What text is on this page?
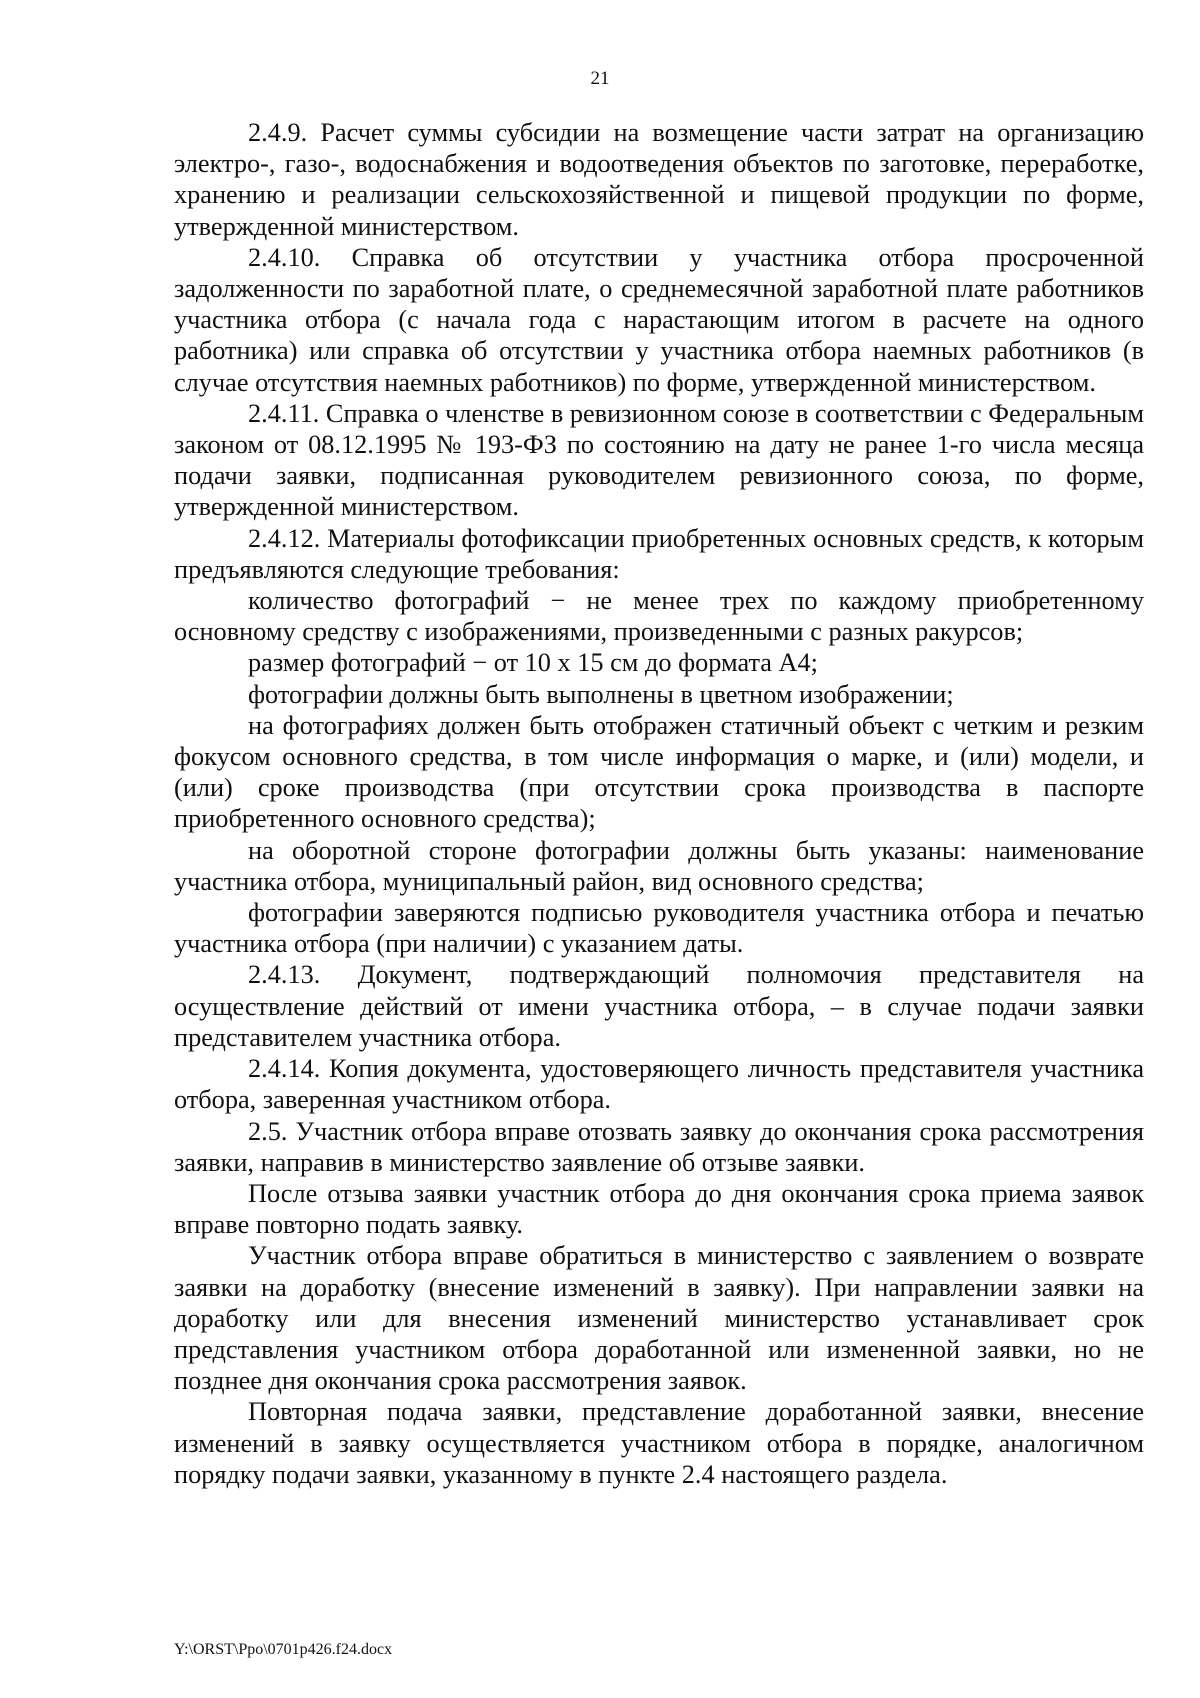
21

2.4.9. Расчет суммы субсидии на возмещение части затрат на организацию электро-, газо-, водоснабжения и водоотведения объектов по заготовке, переработке, хранению и реализации сельскохозяйственной и пищевой продукции по форме, утвержденной министерством.

2.4.10. Справка об отсутствии у участника отбора просроченной задолженности по заработной плате, о среднемесячной заработной плате работников участника отбора (с начала года с нарастающим итогом в расчете на одного работника) или справка об отсутствии у участника отбора наемных работников (в случае отсутствия наемных работников) по форме, утвержденной министерством.

2.4.11. Справка о членстве в ревизионном союзе в соответствии с Федеральным законом от 08.12.1995 № 193-ФЗ по состоянию на дату не ранее 1-го числа месяца подачи заявки, подписанная руководителем ревизионного союза, по форме, утвержденной министерством.

2.4.12. Материалы фотофиксации приобретенных основных средств, к которым предъявляются следующие требования:

количество фотографий − не менее трех по каждому приобретенному основному средству с изображениями, произведенными с разных ракурсов;

размер фотографий − от 10 х 15 см до формата А4;

фотографии должны быть выполнены в цветном изображении;

на фотографиях должен быть отображен статичный объект с четким и резким фокусом основного средства, в том числе информация о марке, и (или) модели, и (или) сроке производства (при отсутствии срока производства в паспорте приобретенного основного средства);

на оборотной стороне фотографии должны быть указаны: наименование участника отбора, муниципальный район, вид основного средства;

фотографии заверяются подписью руководителя участника отбора и печатью участника отбора (при наличии) с указанием даты.

2.4.13. Документ, подтверждающий полномочия представителя на осуществление действий от имени участника отбора, – в случае подачи заявки представителем участника отбора.

2.4.14. Копия документа, удостоверяющего личность представителя участника отбора, заверенная участником отбора.

2.5. Участник отбора вправе отозвать заявку до окончания срока рассмотрения заявки, направив в министерство заявление об отзыве заявки.

После отзыва заявки участник отбора до дня окончания срока приема заявок вправе повторно подать заявку.

Участник отбора вправе обратиться в министерство с заявлением о возврате заявки на доработку (внесение изменений в заявку). При направлении заявки на доработку или для внесения изменений министерство устанавливает срок представления участником отбора доработанной или измененной заявки, но не позднее дня окончания срока рассмотрения заявок.

Повторная подача заявки, представление доработанной заявки, внесение изменений в заявку осуществляется участником отбора в порядке, аналогичном порядку подачи заявки, указанному в пункте 2.4 настоящего раздела.

Y:\ORST\Ppo\0701p426.f24.docx
